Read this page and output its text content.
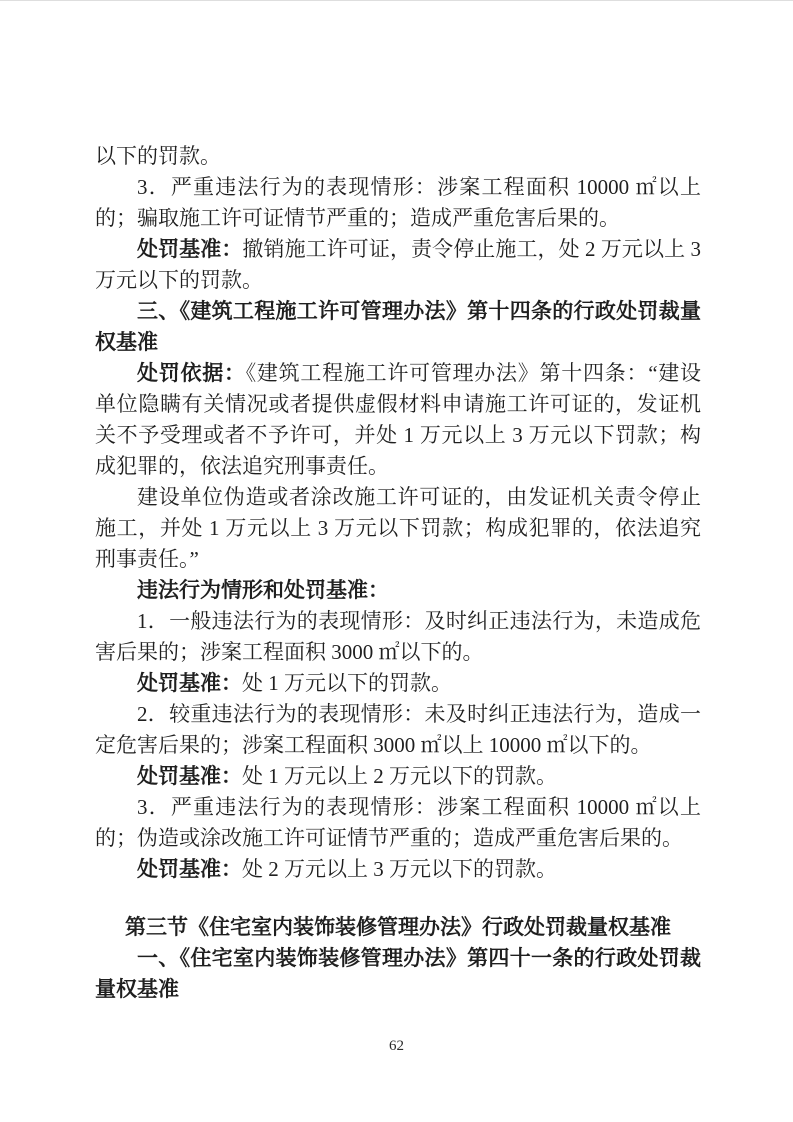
以下的罚款。

3．严重违法行为的表现情形：涉案工程面积 10000 ㎡以上的；骗取施工许可证情节严重的；造成严重危害后果的。

处罚基准：撤销施工许可证，责令停止施工，处 2 万元以上 3 万元以下的罚款。

三、《建筑工程施工许可管理办法》第十四条的行政处罚裁量权基准

处罚依据：《建筑工程施工许可管理办法》第十四条：“建设单位隐瞒有关情况或者提供虚假材料申请施工许可证的，发证机关不予受理或者不予许可，并处 1 万元以上 3 万元以下罚款；构成犯罪的，依法追究刑事责任。

建设单位伪造或者涂改施工许可证的，由发证机关责令停止施工，并处 1 万元以上 3 万元以下罚款；构成犯罪的，依法追究刑事责任。”

违法行为情形和处罚基准：

1．一般违法行为的表现情形：及时纠正违法行为，未造成危害后果的；涉案工程面积 3000 ㎡以下的。

处罚基准：处 1 万元以下的罚款。

2．较重违法行为的表现情形：未及时纠正违法行为，造成一定危害后果的；涉案工程面积 3000 ㎡以上 10000 ㎡以下的。

处罚基准：处 1 万元以上 2 万元以下的罚款。

3．严重违法行为的表现情形：涉案工程面积 10000 ㎡以上的；伪造或涂改施工许可证情节严重的；造成严重危害后果的。

处罚基准：处 2 万元以上 3 万元以下的罚款。

第三节《住宅室内装饰装修管理办法》行政处罚裁量权基准

一、《住宅室内装饰装修管理办法》第四十一条的行政处罚裁量权基准

62
